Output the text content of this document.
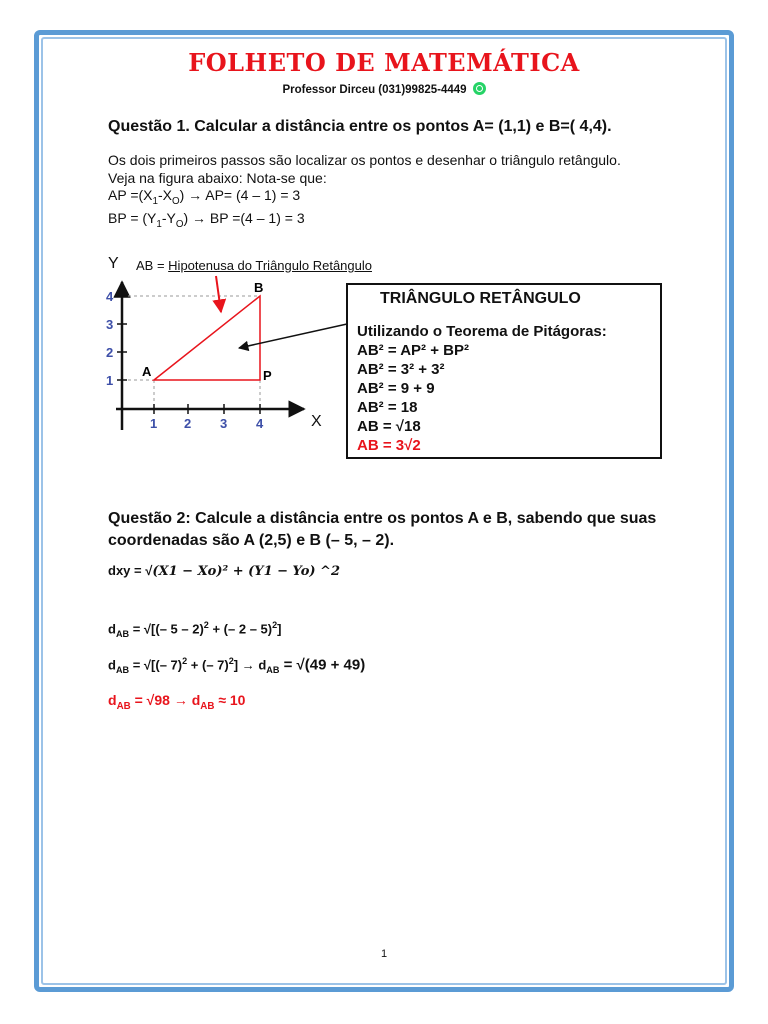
FOLHETO DE MATEMÁTICA
Professor Dirceu (031)99825-4449
Questão 1. Calcular a distância entre os pontos A= (1,1) e B=( 4,4).
Os dois primeiros passos são localizar os pontos e desenhar o triângulo retângulo.
Veja na figura abaixo: Nota-se que:
AP $=(X_1-X_O) \to AP= (4 - 1) = 3$
BP = $(Y_1-Y_O)$ → BP =(4 – 1) = 3
Y AB = Hipotenusa do Triângulo Retângulo
1 2 3 4
1
2
3
4
A
B
P
X
TRIÂNGULO RETÂNGULO
Utilizando o Teorema de Pitágoras:
AB² = AP² + BP²
AB² = 3² + 3²
AB² = 9 + 9
AB² = 18
AB = √18
AB = 3√2
Questão 2: Calcule a distância entre os pontos A e B, sabendo que suas coordenadas são A (2,5) e B (– 5, – 2).
dxy = √(X1 − Xo)² + (Y1 − Yo) ^2
$d_{AB}$ = √[(– 5 – 2)$^2$ + (– 2 – 5)$^2$]
$d_{AB}$ = √[(– 7)$^2$ + (– $7)^2] \to d_{AB} = √(49 + 49)$
$d_{AB} = √98 \to d_{AB} \approx 10$
1
